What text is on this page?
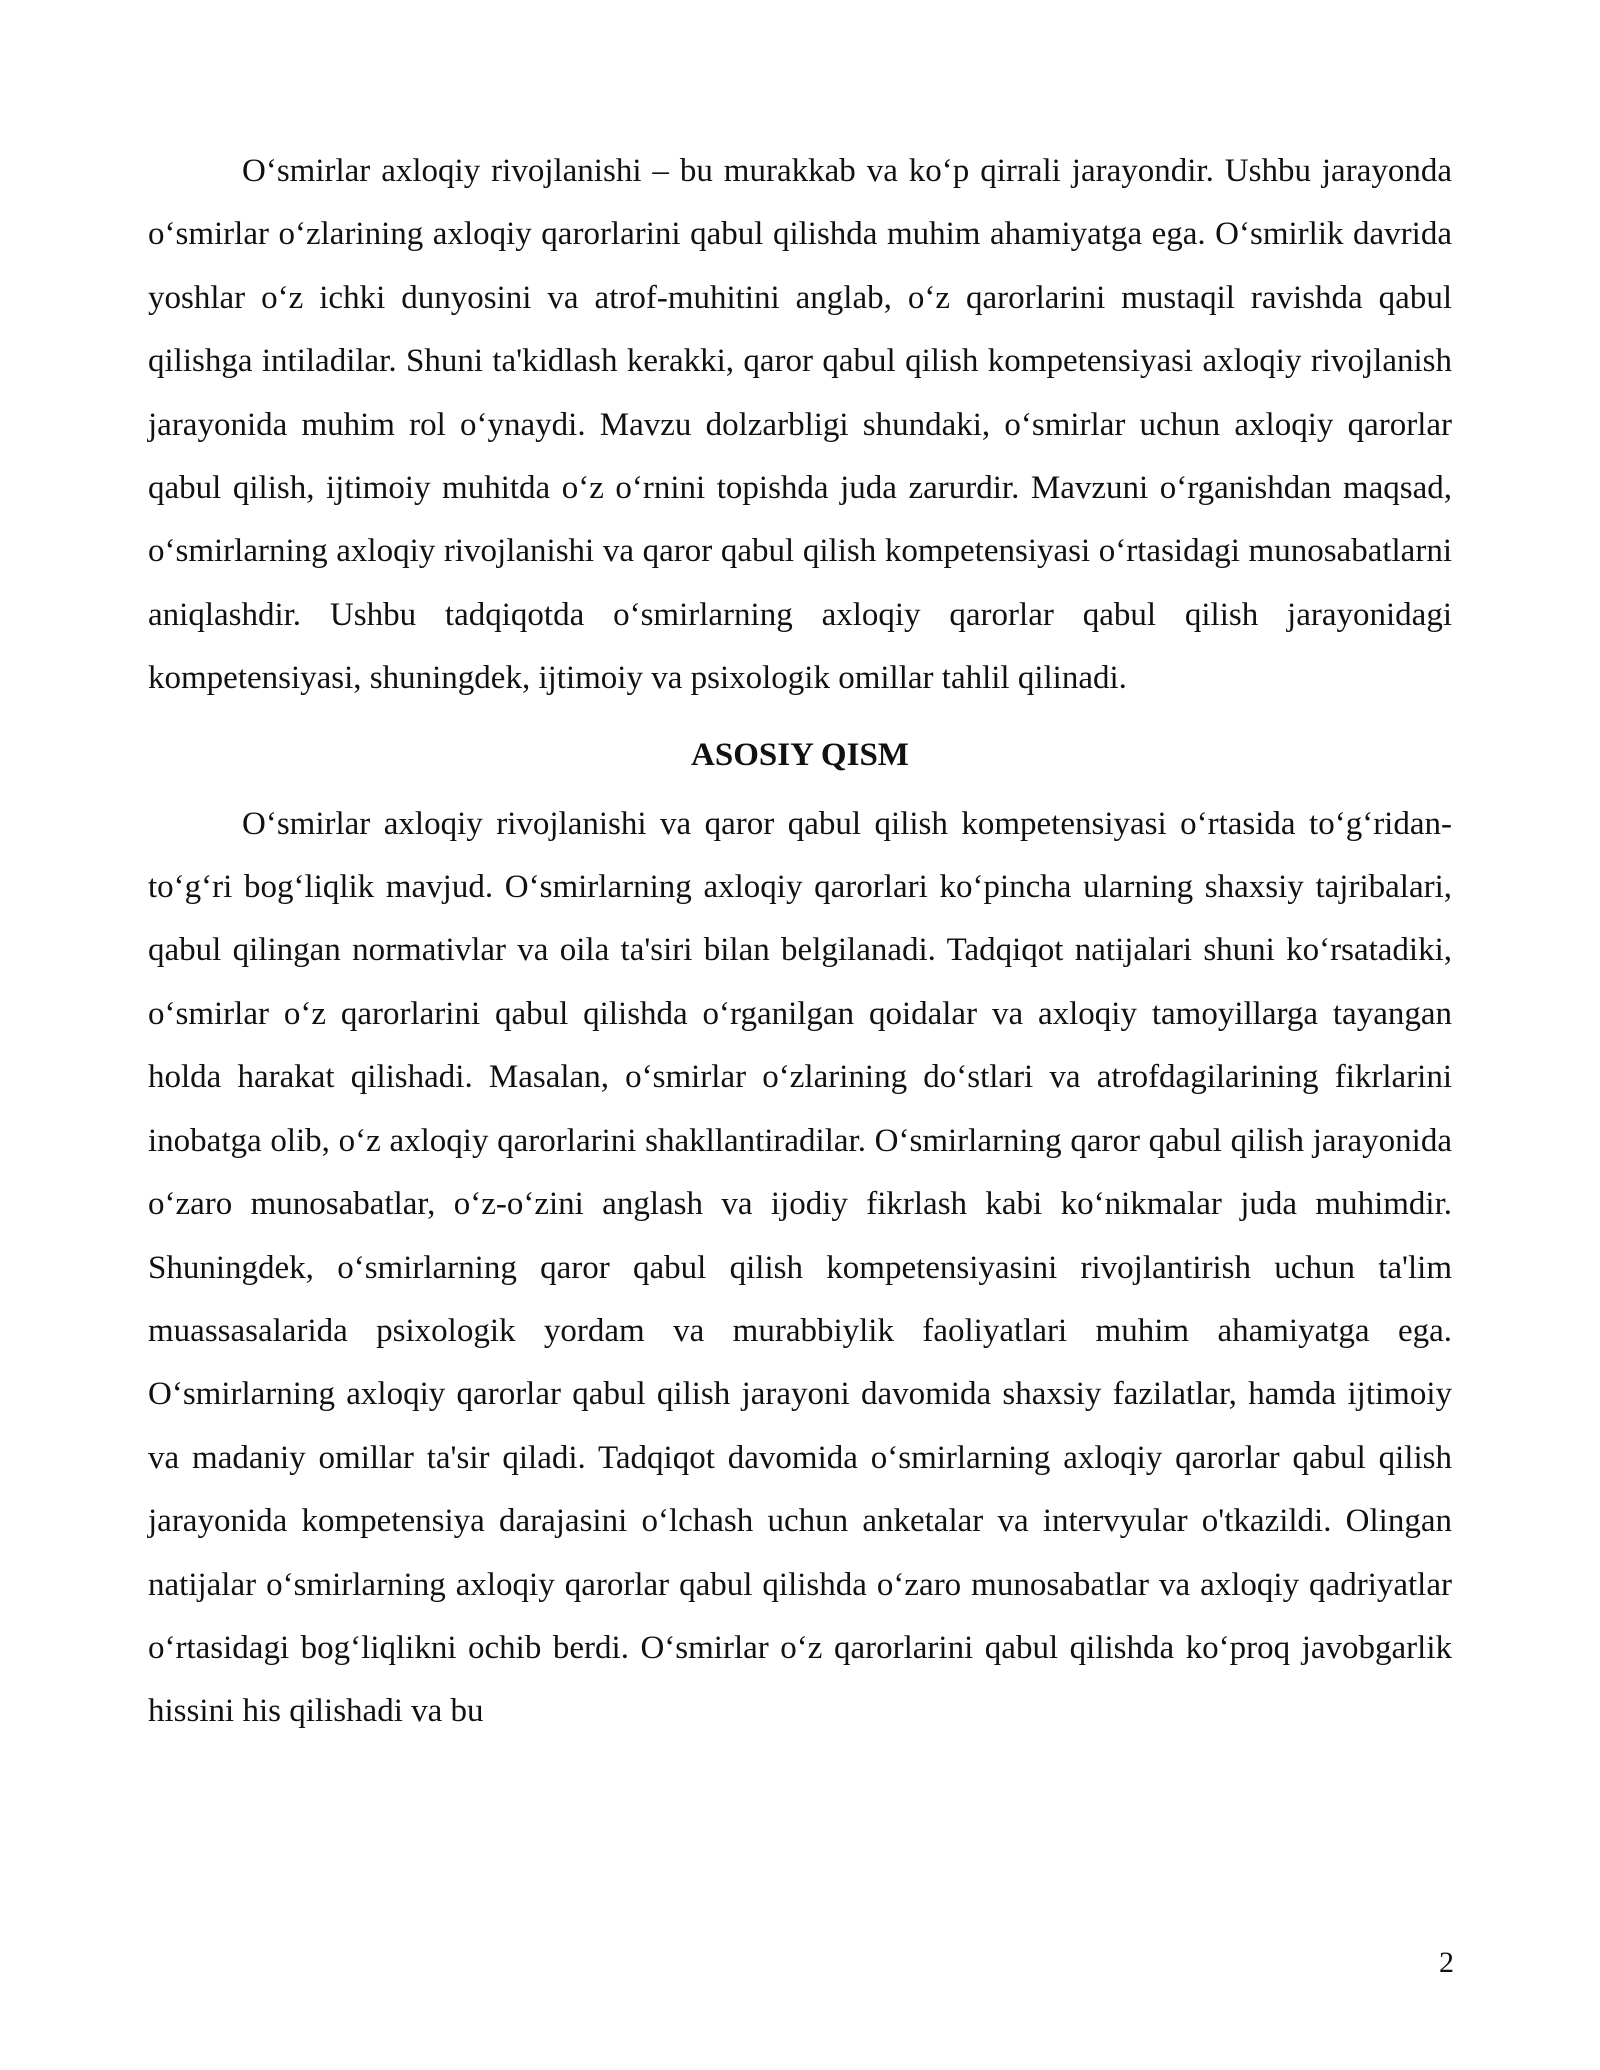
O‘smirlar axloqiy rivojlanishi – bu murakkab va ko‘p qirrali jarayondir. Ushbu jarayonda o‘smirlar o‘zlarining axloqiy qarorlarini qabul qilishda muhim ahamiyatga ega. O‘smirlik davrida yoshlar o‘z ichki dunyosini va atrof-muhitini anglab, o‘z qarorlarini mustaqil ravishda qabul qilishga intiladilar. Shuni ta'kidlash kerakki, qaror qabul qilish kompetensiyasi axloqiy rivojlanish jarayonida muhim rol o‘ynaydi. Mavzu dolzarbligi shundaki, o‘smirlar uchun axloqiy qarorlar qabul qilish, ijtimoiy muhitda o‘z o‘rnini topishda juda zarurdir. Mavzuni o‘rganishdan maqsad, o‘smirlarning axloqiy rivojlanishi va qaror qabul qilish kompetensiyasi o‘rtasidagi munosabatlarni aniqlashdir. Ushbu tadqiqotda o‘smirlarning axloqiy qarorlar qabul qilish jarayonidagi kompetensiyasi, shuningdek, ijtimoiy va psixologik omillar tahlil qilinadi.

ASOSIY QISM

O‘smirlar axloqiy rivojlanishi va qaror qabul qilish kompetensiyasi o‘rtasida to‘g‘ridan-to‘g‘ri bog‘liqlik mavjud. O‘smirlarning axloqiy qarorlari ko‘pincha ularning shaxsiy tajribalari, qabul qilingan normativlar va oila ta'siri bilan belgilanadi. Tadqiqot natijalari shuni ko‘rsatadiki, o‘smirlar o‘z qarorlarini qabul qilishda o‘rganilgan qoidalar va axloqiy tamoyillarga tayangan holda harakat qilishadi. Masalan, o‘smirlar o‘zlarining do‘stlari va atrofdagilarining fikrlarini inobatga olib, o‘z axloqiy qarorlarini shakllantiradilar. O‘smirlarning qaror qabul qilish jarayonida o‘zaro munosabatlar, o‘z-o‘zini anglash va ijodiy fikrlash kabi ko‘nikmalar juda muhimdir. Shuningdek, o‘smirlarning qaror qabul qilish kompetensiyasini rivojlantirish uchun ta'lim muassasalarida psixologik yordam va murabbiylik faoliyatlari muhim ahamiyatga ega. O‘smirlarning axloqiy qarorlar qabul qilish jarayoni davomida shaxsiy fazilatlar, hamda ijtimoiy va madaniy omillar ta'sir qiladi. Tadqiqot davomida o‘smirlarning axloqiy qarorlar qabul qilish jarayonida kompetensiya darajasini o‘lchash uchun anketalar va intervyular o'tkazildi. Olingan natijalar o‘smirlarning axloqiy qarorlar qabul qilishda o‘zaro munosabatlar va axloqiy qadriyatlar o‘rtasidagi bog‘liqlikni ochib berdi. O‘smirlar o‘z qarorlarini qabul qilishda ko‘proq javobgarlik hissini his qilishadi va bu

2
